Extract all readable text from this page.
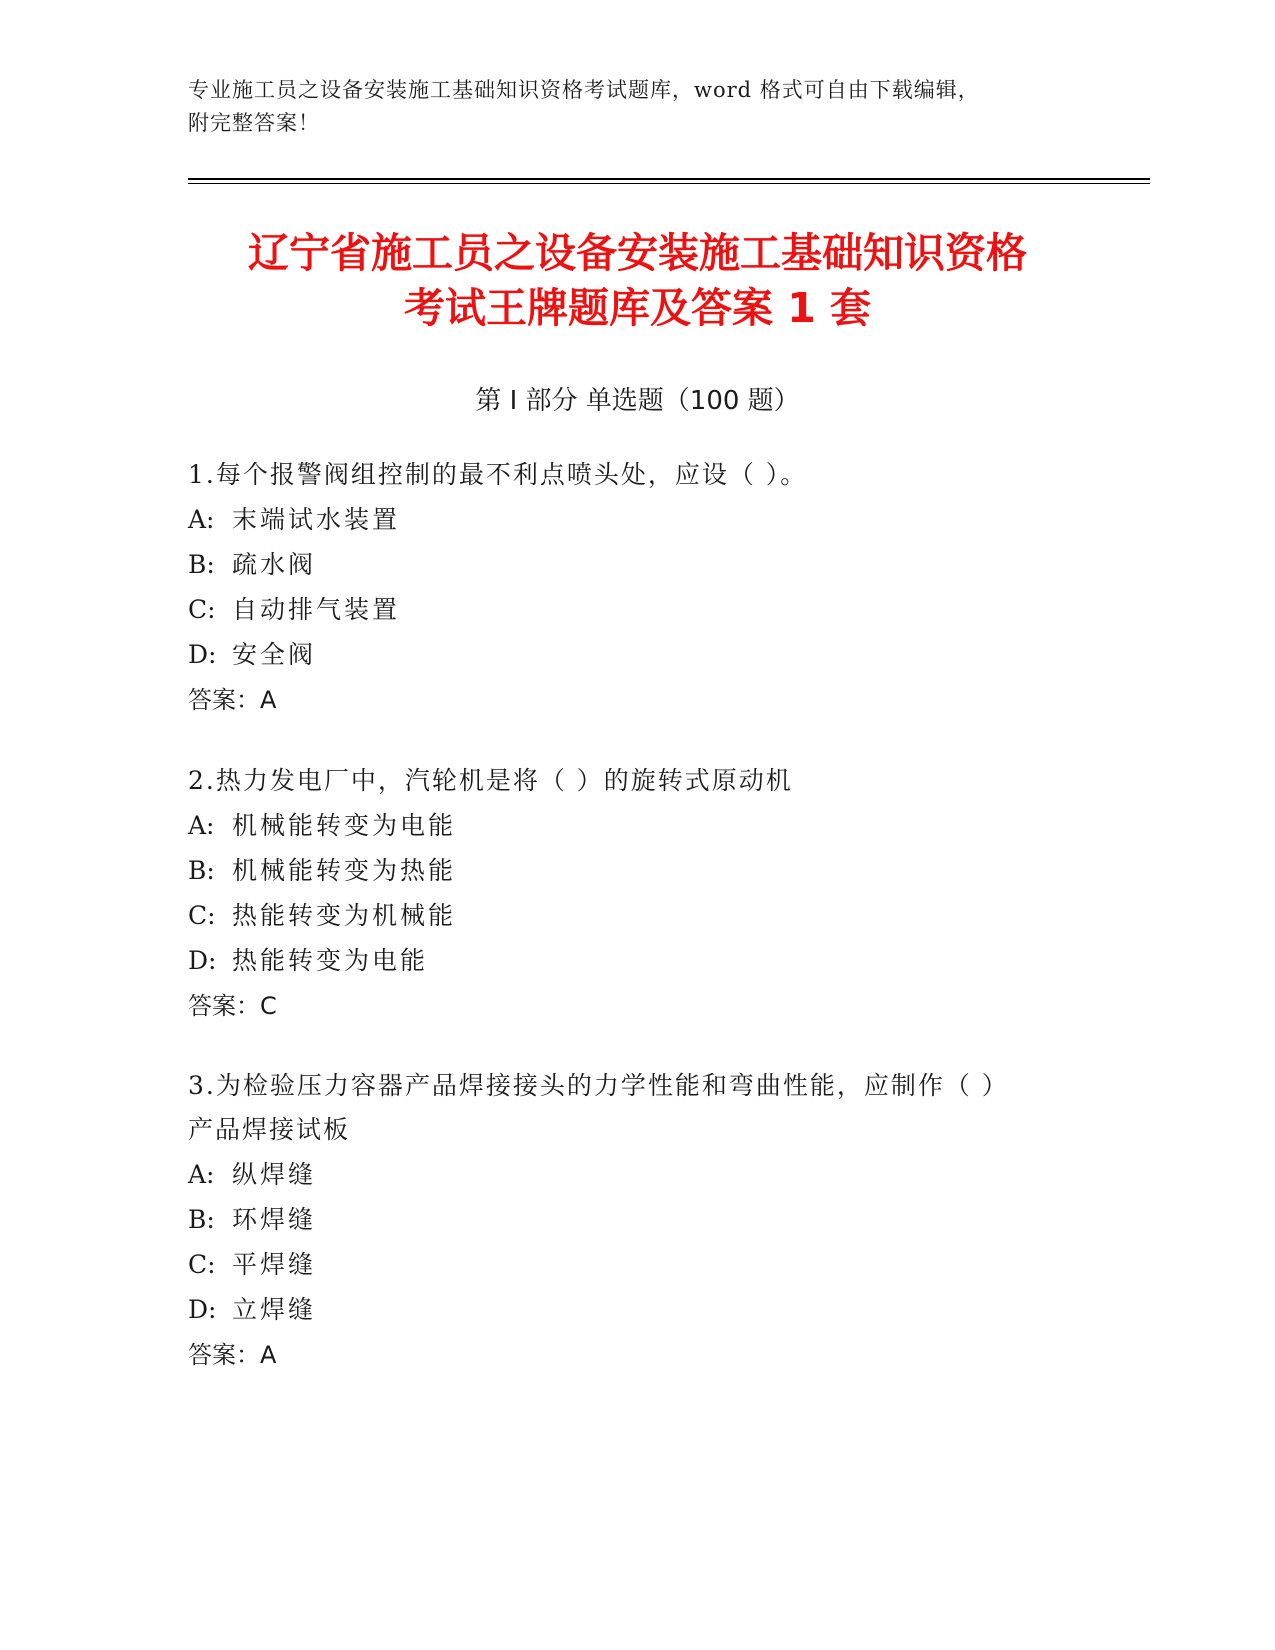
专业施工员之设备安装施工基础知识资格考试题库，word 格式可自由下载编辑，
附完整答案！
辽宁省施工员之设备安装施工基础知识资格
考试王牌题库及答案 1 套
第 I 部分 单选题（100 题）
1.每个报警阀组控制的最不利点喷头处，应设（ ）。
A: 末端试水装置
B: 疏水阀
C: 自动排气装置
D: 安全阀
答案：A
2.热力发电厂中，汽轮机是将（ ）的旋转式原动机
A: 机械能转变为电能
B: 机械能转变为热能
C: 热能转变为机械能
D: 热能转变为电能
答案：C
3.为检验压力容器产品焊接接头的力学性能和弯曲性能，应制作（ ）
产品焊接试板
A: 纵焊缝
B: 环焊缝
C: 平焊缝
D: 立焊缝
答案：A
